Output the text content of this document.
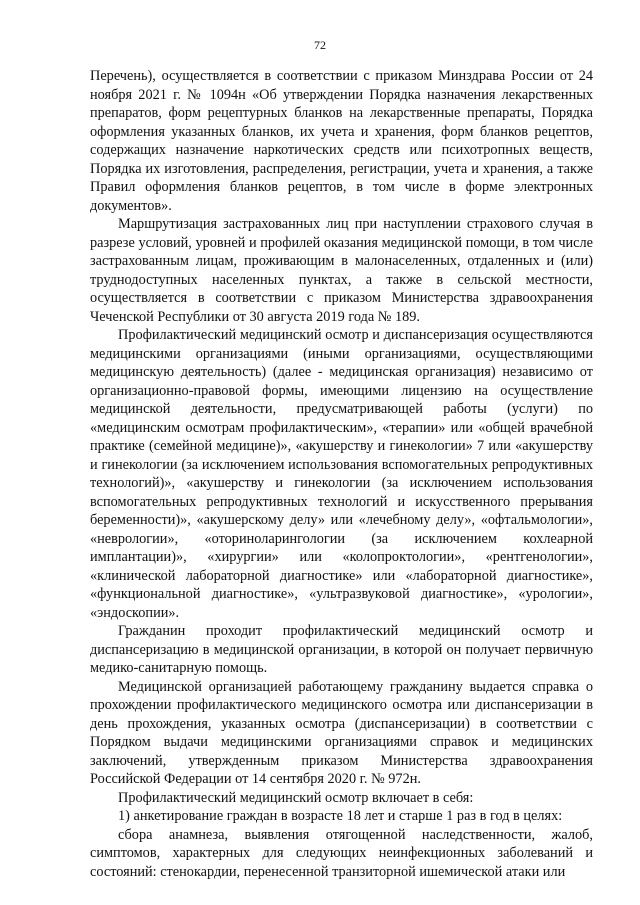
72

Перечень), осуществляется в соответствии с приказом Минздрава России от 24 ноября 2021 г. № 1094н «Об утверждении Порядка назначения лекарственных препаратов, форм рецептурных бланков на лекарственные препараты, Порядка оформления указанных бланков, их учета и хранения, форм бланков рецептов, содержащих назначение наркотических средств или психотропных веществ, Порядка их изготовления, распределения, регистрации, учета и хранения, а также Правил оформления бланков рецептов, в том числе в форме электронных документов».

Маршрутизация застрахованных лиц при наступлении страхового случая в разрезе условий, уровней и профилей оказания медицинской помощи, в том числе застрахованным лицам, проживающим в малонаселенных, отдаленных и (или) труднодоступных населенных пунктах, а также в сельской местности, осуществляется в соответствии с приказом Министерства здравоохранения Чеченской Республики от 30 августа 2019 года № 189.

Профилактический медицинский осмотр и диспансеризация осуществляются медицинскими организациями (иными организациями, осуществляющими медицинскую деятельность) (далее - медицинская организация) независимо от организационно-правовой формы, имеющими лицензию на осуществление медицинской деятельности, предусматривающей работы (услуги) по «медицинским осмотрам профилактическим», «терапии» или «общей врачебной практике (семейной медицине)», «акушерству и гинекологии» 7 или «акушерству и гинекологии (за исключением использования вспомогательных репродуктивных технологий)», «акушерству и гинекологии (за исключением использования вспомогательных репродуктивных технологий и искусственного прерывания беременности)», «акушерскому делу» или «лечебному делу», «офтальмологии», «неврологии», «оториноларингологии (за исключением кохлеарной имплантации)», «хирургии» или «колопроктологии», «рентгенологии», «клинической лабораторной диагностике» или «лабораторной диагностике», «функциональной диагностике», «ультразвуковой диагностике», «урологии», «эндоскопии».

Гражданин проходит профилактический медицинский осмотр и диспансеризацию в медицинской организации, в которой он получает первичную медико-санитарную помощь.

Медицинской организацией работающему гражданину выдается справка о прохождении профилактического медицинского осмотра или диспансеризации в день прохождения, указанных осмотра (диспансеризации) в соответствии с Порядком выдачи медицинскими организациями справок и медицинских заключений, утвержденным приказом Министерства здравоохранения Российской Федерации от 14 сентября 2020 г. № 972н.

Профилактический медицинский осмотр включает в себя:

1) анкетирование граждан в возрасте 18 лет и старше 1 раз в год в целях:

сбора анамнеза, выявления отягощенной наследственности, жалоб, симптомов, характерных для следующих неинфекционных заболеваний и состояний: стенокардии, перенесенной транзиторной ишемической атаки или
